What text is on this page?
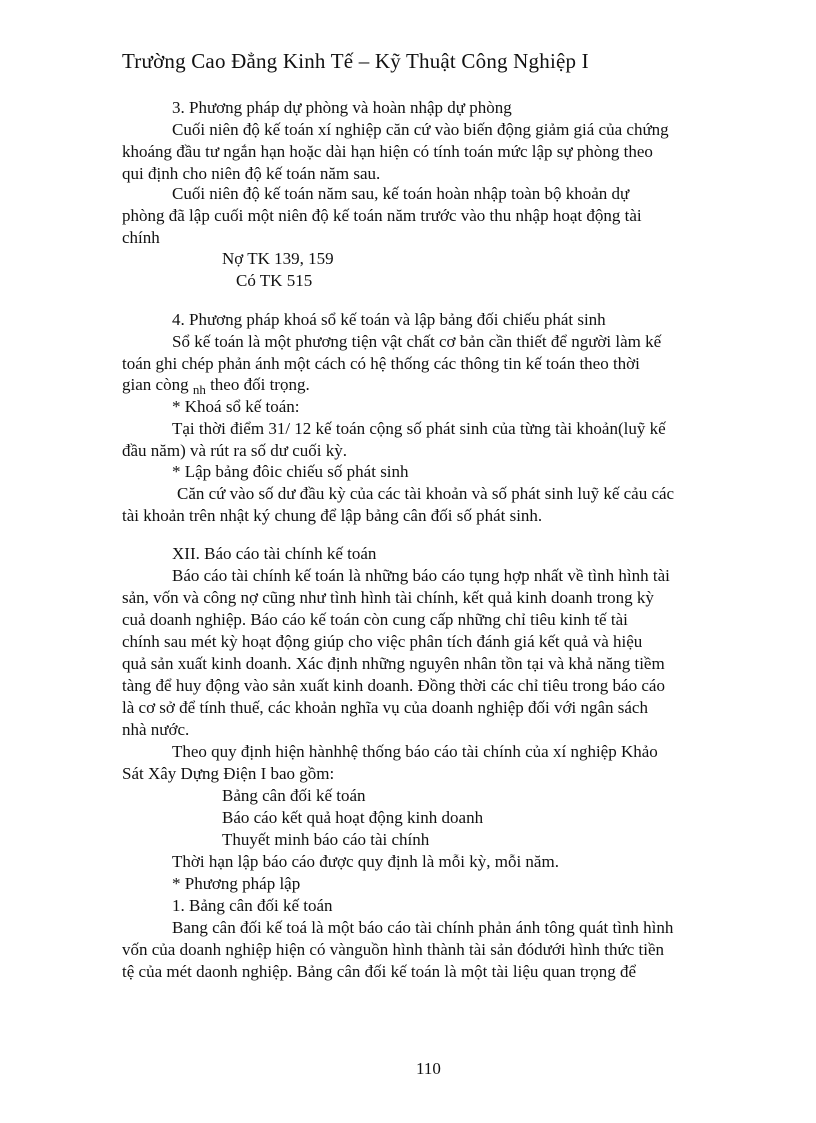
Trường Cao Đẳng Kinh Tế – Kỹ Thuật Công Nghiệp I
3. Phương pháp dự phòng và hoàn nhập dự phòng
Cuối niên độ kế toán xí nghiệp căn cứ vào biến động giảm giá của chứng
khoáng đầu tư ngắn hạn hoặc dài hạn hiện có tính toán mức lập sự phòng theo
qui định cho niên độ kế toán năm sau.
Cuối niên độ kế toán năm sau, kế toán hoàn nhập toàn bộ khoản dự
phòng đã lập cuối một niên độ kế toán năm trước vào thu nhập hoạt động tài
chính
Nợ TK 139, 159
Có TK 515
4. Phương pháp khoá sổ kế toán và lập bảng đối chiếu phát sinh
Sổ kế toán là một phương tiện vật chất cơ bản cần thiết để người làm kế
toán ghi chép phản ánh một cách có hệ thống các thông tin kế toán theo thời
gian còng $_{nh}$ theo đối trọng.
* Khoá sổ kế toán:
Tại thời điểm 31/ 12 kế toán cộng số phát sinh của từng tài khoản(luỹ kế
đầu năm) và rút ra số dư cuối kỳ.
* Lập bảng đôic chiếu số phát sinh
Căn cứ vào số dư đầu kỳ của các tài khoản và số phát sinh luỹ kế cảu các
tài khoản trên nhật ký chung để lập bảng cân đối số phát sinh.
XII. Báo cáo tài chính kế toán
Báo cáo tài chính kế toán là những báo cáo tụng hợp nhất về tình hình tài
sản, vốn và công nợ cũng như tình hình tài chính, kết quả kinh doanh trong kỳ
cuả doanh nghiệp. Báo cáo kế toán còn cung cấp những chỉ tiêu kinh tế tài
chính sau mét kỳ hoạt động giúp cho việc phân tích đánh giá kết quả và hiệu
quả sản xuất kinh doanh. Xác định những nguyên nhân tồn tại và khả năng tiềm
tàng để huy động vào sản xuất kinh doanh. Đồng thời các chỉ tiêu trong báo cáo
là cơ sở để tính thuế, các khoản nghĩa vụ của doanh nghiệp đối với ngân sách
nhà nước.
Theo quy định hiện hànhhệ thống báo cáo tài chính của xí nghiệp Khảo
Sát Xây Dựng Điện I bao gồm:
Bảng cân đối kế toán
Báo cáo kết quả hoạt động kinh doanh
Thuyết minh báo cáo tài chính
Thời hạn lập báo cáo được quy định là mỗi kỳ, mỗi năm.
* Phương pháp lập
1. Bảng cân đối kế toán
Bang cân đối kế toá là một báo cáo tài chính phản ánh tông quát tình hình
vốn của doanh nghiệp hiện có vànguồn hình thành tài sản đódưới hình thức tiền
tệ của mét daonh nghiệp. Bảng cân đối kế toán là một tài liệu quan trọng để
110
